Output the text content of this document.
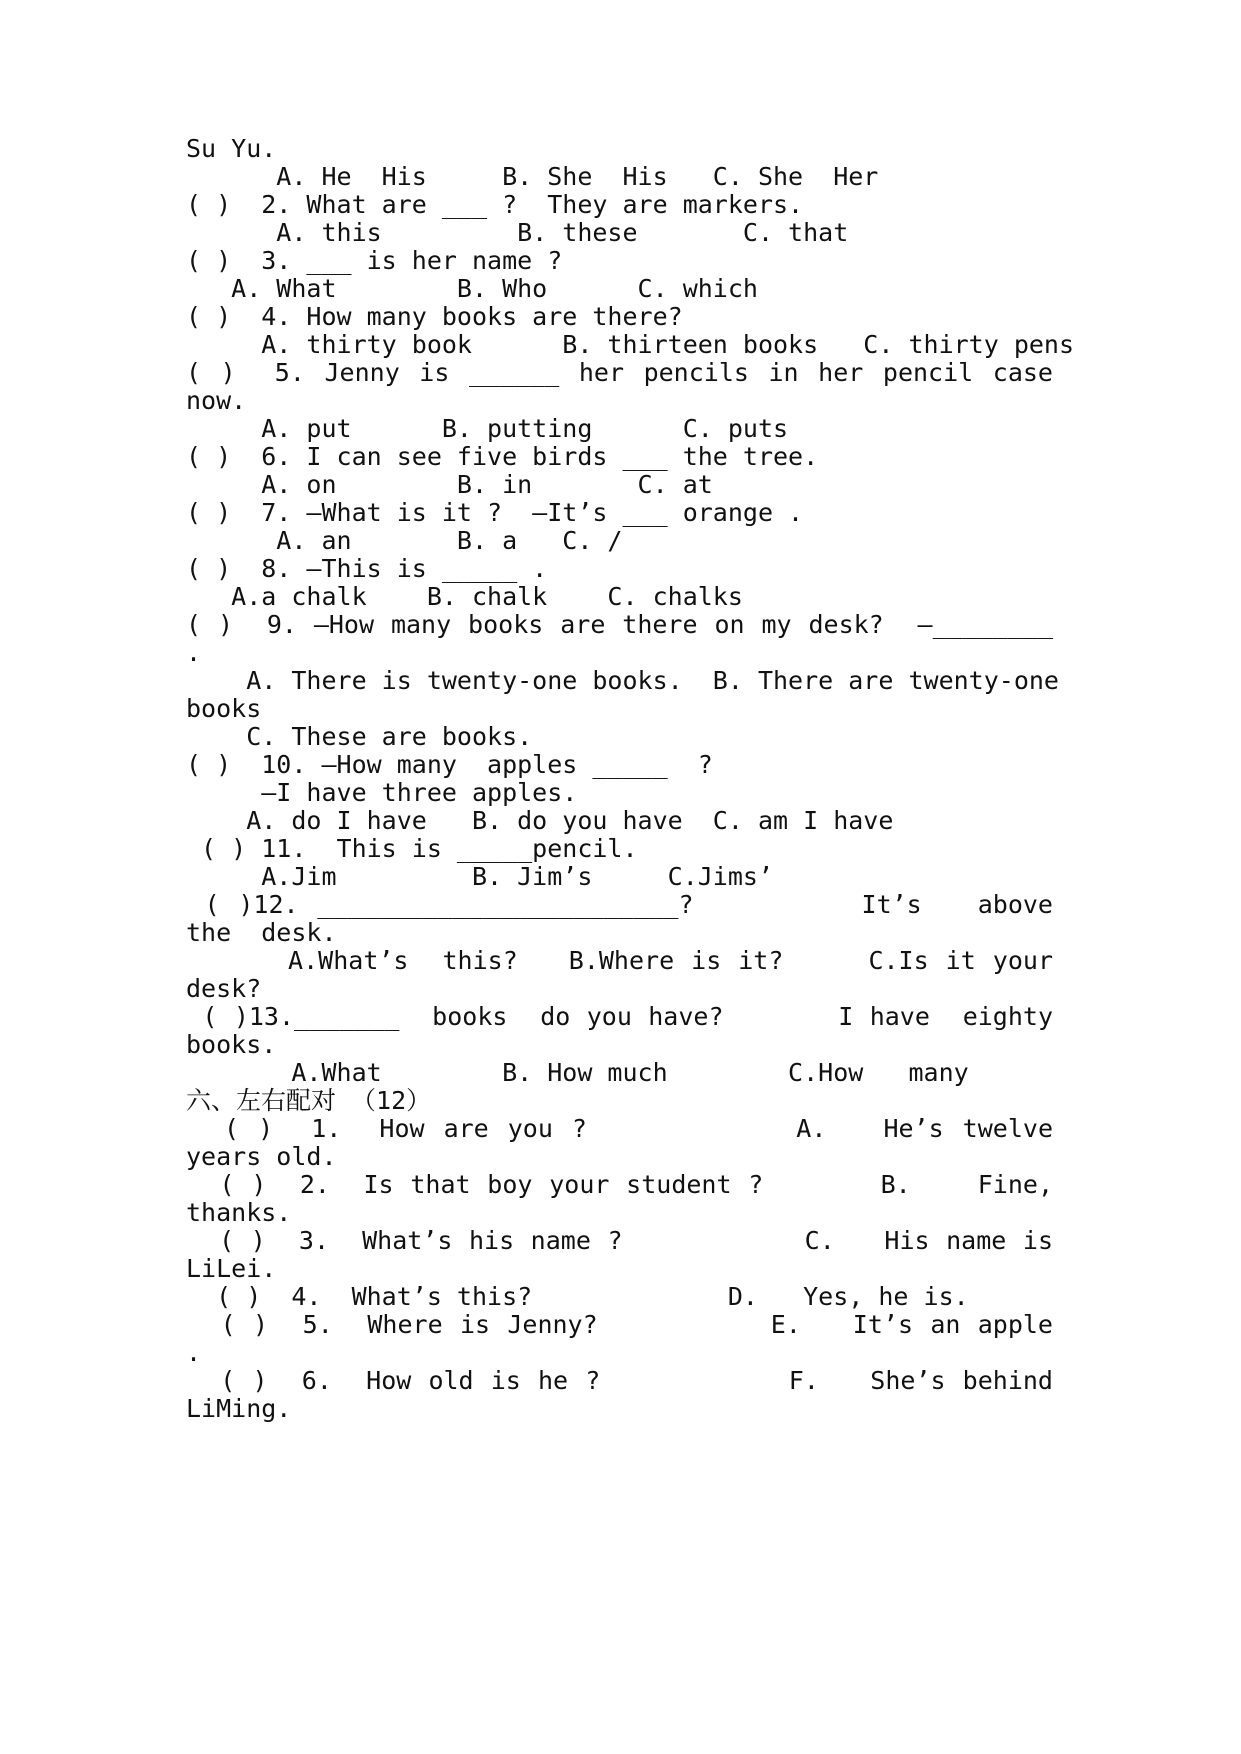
Su Yu.
A. He  His     B. She  His   C. She  Her
( )  2. What are ___ ?  They are markers.
A. this         B. these       C. that
( )  3. ___ is her name ?
A. What        B. Who      C. which
( )  4. How many books are there?
A. thirty book      B. thirteen books   C. thirty pens
( )  5. Jenny is ______ her pencils in her pencil case
now.
A. put      B. putting      C. puts
( )  6. I can see five birds ___ the tree.
A. on        B. in       C. at
( )  7. —What is it ?  —It’s ___ orange .
A. an       B. a   C. /
( )  8. —This is _____ .
A.a chalk    B. chalk    C. chalks
( )  9. —How many books are there on my desk?  —________
.
A. There is twenty-one books.  B. There are twenty-one
books
C. These are books.
( )  10. —How many  apples _____  ?
—I have three apples.
A. do I have   B. do you have  C. am I have
( ) 11.  This is _____pencil.
A.Jim         B. Jim’s     C.Jims’
( )12. ________________________?         It’s   above
the  desk.
A.What’s  this?   B.Where is it?     C.Is it your
desk?
( )13._______  books  do you have?       I have  eighty
books.
A.What        B. How much        C.How   many
六、左右配对 （12）
( )  1.  How are you ?           A.   He’s twelve
years old.
( )  2.  Is that boy your student ?       B.    Fine,
thanks.
( )  3.  What’s his name ?           C.   His name is
LiLei.
( )  4.  What’s this?             D.   Yes, he is.
( )  5.  Where is Jenny?          E.   It’s an apple
.
( )  6.  How old is he ?           F.   She’s behind
LiMing.
